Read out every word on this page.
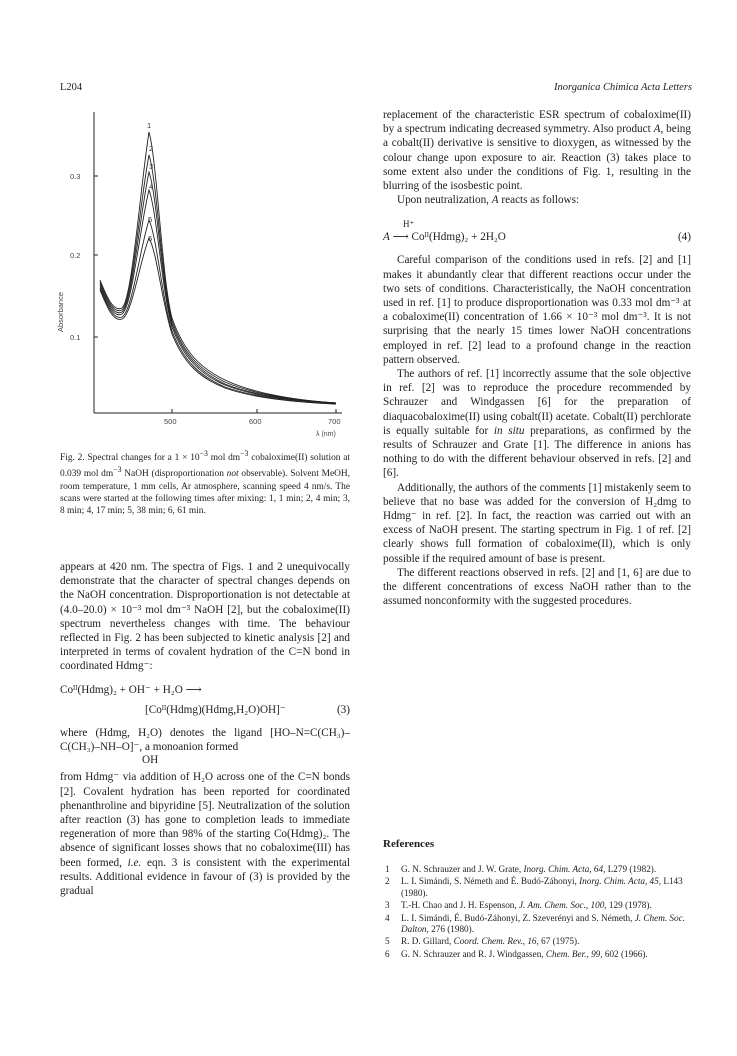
L204	Inorganica Chimica Acta Letters
0.3
0.2
0.1
Absorbance
500	600	700
λ (nm)
1
2
3
4
5
6
Fig. 2. Spectral changes for a $1 \times 10^{-3}$ mol $dm^{-3}$ cobaloxime(II) solution at 0.039 mol $dm^{-3}$ NaOH (disproportionation not observable). Solvent MeOH, room temperature, 1 mm cells, Ar atmosphere, scanning speed 4 nm/s. The scans were started at the following times after mixing: 1, 1 min; 2, 4 min; 3, 8 min; 4, 17 min; 5, 38 min; 6, 61 min.

appears at 420 nm. The spectra of Figs. 1 and 2 unequivocally demonstrate that the character of spectral changes depends on the NaOH concentration. Disproportionation is not detectable at (4.0–20.0) × 10⁻³ mol dm⁻³ NaOH [2], but the cobaloxime(II) spectrum nevertheless changes with time. The behaviour reflected in Fig. 2 has been subjected to kinetic analysis [2] and interpreted in terms of covalent hydration of the C=N bond in coordinated Hdmg⁻:

Coᴵᴵ(Hdmg)₂ + OH⁻ + H₂O ⟶
[Coᴵᴵ(Hdmg)(Hdmg,H₂O)OH]⁻	(3)

where (Hdmg, H₂O) denotes the ligand [HO–N=C(CH₃)–C(CH₃)–NH–O]⁻, a monoanion formed

OH

from Hdmg⁻ via addition of H₂O across one of the C=N bonds [2]. Covalent hydration has been reported for coordinated phenanthroline and bipyridine [5]. Neutralization of the solution after reaction (3) has gone to completion leads to immediate regeneration of more than 98% of the starting Co(Hdmg)₂. The absence of significant losses shows that no cobaloxime(III) has been formed, i.e. eqn. 3 is consistent with the experimental results. Additional evidence in favour of (3) is provided by the gradual

replacement of the characteristic ESR spectrum of cobaloxime(II) by a spectrum indicating decreased symmetry. Also product A, being a cobalt(II) derivative is sensitive to dioxygen, as witnessed by the colour change upon exposure to air. Reaction (3) takes place to some extent also under the conditions of Fig. 1, resulting in the blurring of the isosbestic point.

Upon neutralization, A reacts as follows:

H⁺
A ⟶ Coᴵᴵ(Hdmg)₂ + 2H₂O	(4)

Careful comparison of the conditions used in refs. [2] and [1] makes it abundantly clear that different reactions occur under the two sets of conditions. Characteristically, the NaOH concentration used in ref. [1] to produce disproportionation was 0.33 mol dm⁻³ at a cobaloxime(II) concentration of 1.66 × 10⁻³ mol dm⁻³. It is not surprising that the nearly 15 times lower NaOH concentrations employed in ref. [2] lead to a profound change in the reaction pattern observed.

The authors of ref. [1] incorrectly assume that the sole objective in ref. [2] was to reproduce the procedure recommended by Schrauzer and Windgassen [6] for the preparation of diaquacobaloxime(II) using cobalt(II) acetate. Cobalt(II) perchlorate is equally suitable for in situ preparations, as confirmed by the results of Schrauzer and Grate [1]. The difference in anions has nothing to do with the different behaviour observed in refs. [2] and [6].

Additionally, the authors of the comments [1] mistakenly seem to believe that no base was added for the conversion of H₂dmg to Hdmg⁻ in ref. [2]. In fact, the reaction was carried out with an excess of NaOH present. The starting spectrum in Fig. 1 of ref. [2] clearly shows full formation of cobaloxime(II), which is only possible if the required amount of base is present.

The different reactions observed in refs. [2] and [1, 6] are due to the different concentrations of excess NaOH rather than to the assumed nonconformity with the suggested procedures.

References
1 G. N. Schrauzer and J. W. Grate, Inorg. Chim. Acta, 64, L279 (1982).
2 L. I. Simándi, S. Németh and É. Budó-Záhonyi, Inorg. Chim. Acta, 45, L143 (1980).
3 T.-H. Chao and J. H. Espenson, J. Am. Chem. Soc., 100, 129 (1978).
4 L. I. Simándi, É. Budó-Záhonyi, Z. Szeverényi and S. Németh, J. Chem. Soc. Dalton, 276 (1980).
5 R. D. Gillard, Coord. Chem. Rev., 16, 67 (1975).
6 G. N. Schrauzer and R. J. Windgassen, Chem. Ber., 99, 602 (1966).
